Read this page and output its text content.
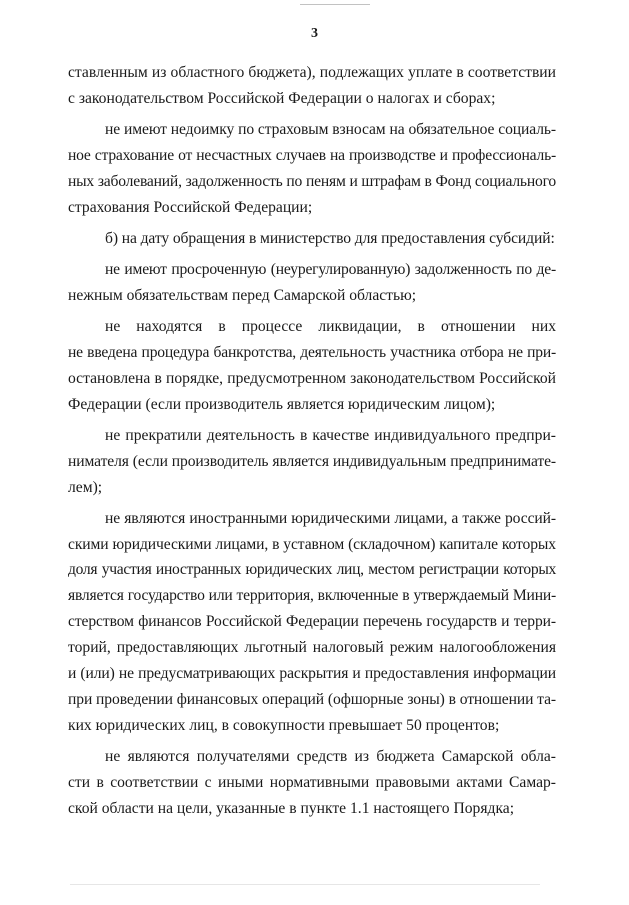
3
ставленным из областного бюджета), подлежащих уплате в соответствии
с законодательством Российской Федерации о налогах и сборах;
не имеют недоимку по страховым взносам на обязательное социаль-
ное страхование от несчастных случаев на производстве и профессиональ-
ных заболеваний, задолженность по пеням и штрафам в Фонд социального
страхования Российской Федерации;
б) на дату обращения в министерство для предоставления субсидий:
не имеют просроченную (неурегулированную) задолженность по де-
нежным обязательствам перед Самарской областью;
не находятся в процессе ликвидации, в отношении них
не введена процедура банкротства, деятельность участника отбора не при-
остановлена в порядке, предусмотренном законодательством Российской
Федерации (если производитель является юридическим лицом);
не прекратили деятельность в качестве индивидуального предпри-
нимателя (если производитель является индивидуальным предпринимате-
лем);
не являются иностранными юридическими лицами, а также россий-
скими юридическими лицами, в уставном (складочном) капитале которых
доля участия иностранных юридических лиц, местом регистрации которых
является государство или территория, включенные в утверждаемый Мини-
стерством финансов Российской Федерации перечень государств и терри-
торий, предоставляющих льготный налоговый режим налогообложения
и (или) не предусматривающих раскрытия и предоставления информации
при проведении финансовых операций (офшорные зоны) в отношении та-
ких юридических лиц, в совокупности превышает 50 процентов;
не являются получателями средств из бюджета Самарской обла-
сти в соответствии с иными нормативными правовыми актами Самар-
ской области на цели, указанные в пункте 1.1 настоящего Порядка;
